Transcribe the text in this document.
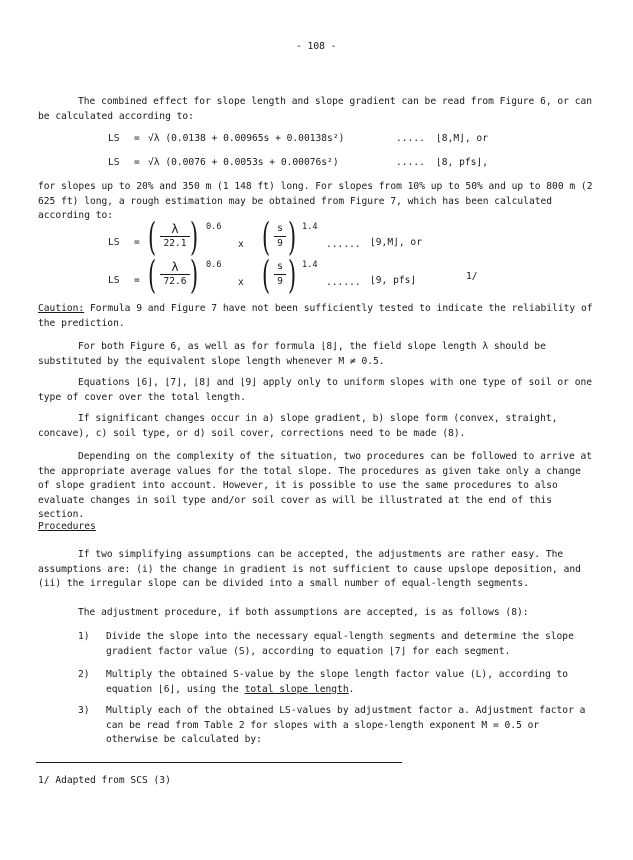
- 108 -
The combined effect for slope length and slope gradient can be read from Figure 6, or can be calculated according to:
LS = √λ (0.0138 + 0.00965s + 0.00138s²)	..... ⌊8,M⌋, or
LS = √λ (0.0076 + 0.0053s + 0.00076s²)	..... ⌊8, pfs⌋,
for slopes up to 20% and 350 m (1 148 ft) long. For slopes from 10% up to 50% and up to 800 m (2 625 ft) long, a rough estimation may be obtained from Figure 7, which has been calculated according to:
LS = (	λ
22.1 ) 0.6
x ( $\frac{s}{9}$ ) 1.4
...... ⌊9,M⌋, or
LS = (	λ
72.6 ) 0.6
x ( $\frac{s}{9}$ ) 1.4
...... ⌊9, pfs⌋	1/
Caution: Formula 9 and Figure 7 have not been sufficiently tested to indicate the reliability of the prediction.
For both Figure 6, as well as for formula ⌊8⌋, the field slope length λ should be substituted by the equivalent slope length whenever M ≠ 0.5.
Equations ⌊6⌋, ⌊7⌋, ⌊8⌋ and ⌊9⌋ apply only to uniform slopes with one type of soil or one type of cover over the total length.
If significant changes occur in a) slope gradient, b) slope form (convex, straight, concave), c) soil type, or d) soil cover, corrections need to be made (8).
Depending on the complexity of the situation, two procedures can be followed to arrive at the appropriate average values for the total slope. The procedures as given take only a change of slope gradient into account. However, it is possible to use the same procedures to also evaluate changes in soil type and/or soil cover as will be illustrated at the end of this section.
Procedures
If two simplifying assumptions can be accepted, the adjustments are rather easy. The assumptions are: (i) the change in gradient is not sufficient to cause upslope deposition, and (ii) the irregular slope can be divided into a small number of equal-length segments.
The adjustment procedure, if both assumptions are accepted, is as follows (8):
1) Divide the slope into the necessary equal-length segments and determine the slope gradient factor value (S), according to equation ⌊7⌋ for each segment.
2) Multiply the obtained S-value by the slope length factor value (L), according to equation ⌊6⌋, using the total slope length.
3) Multiply each of the obtained LS-values by adjustment factor a. Adjustment factor a can be read from Table 2 for slopes with a slope-length exponent M = 0.5 or otherwise be calculated by:
1/ Adapted from SCS (3)
